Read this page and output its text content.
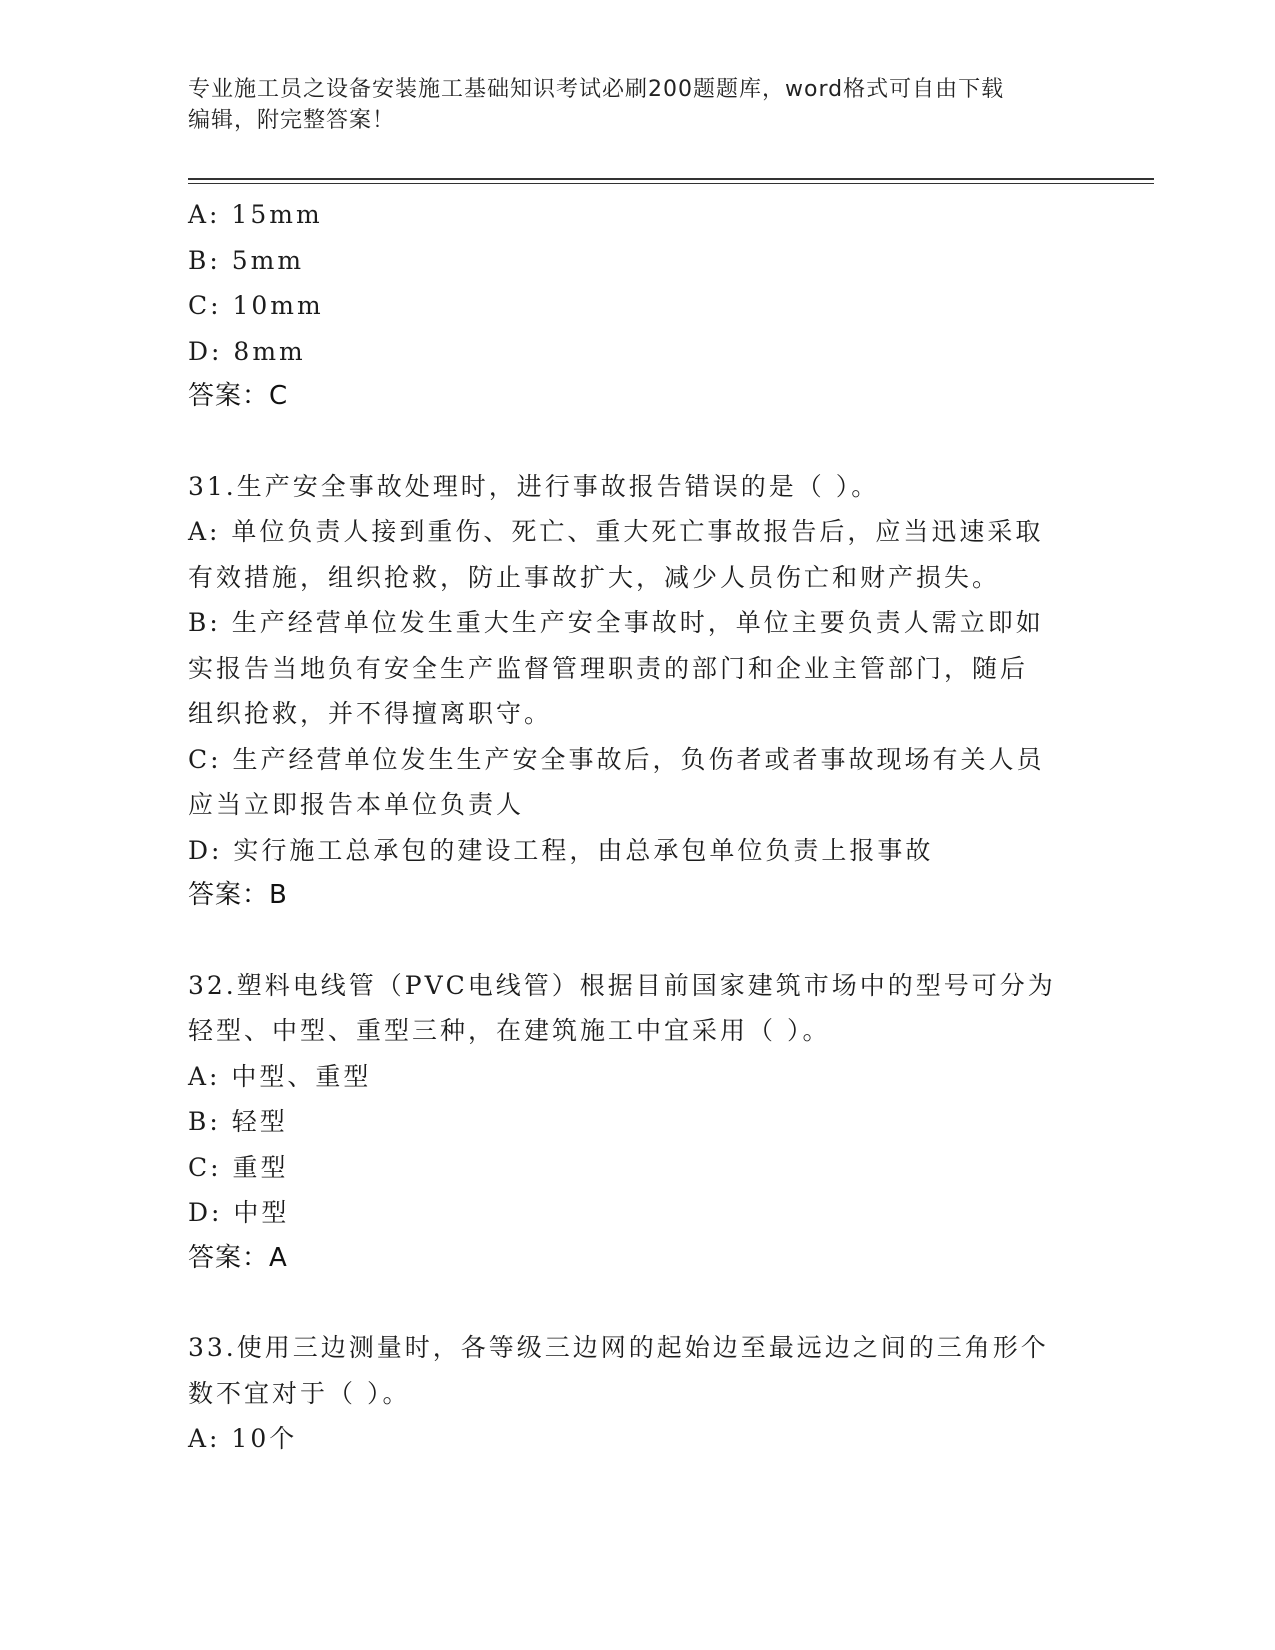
专业施工员之设备安装施工基础知识考试必刷200题题库，word格式可自由下载
编辑，附完整答案！
A: 15mm
B: 5mm
C: 10mm
D: 8mm
答案：C
31.生产安全事故处理时，进行事故报告错误的是（ ）。
A: 单位负责人接到重伤、死亡、重大死亡事故报告后，应当迅速采取
有效措施，组织抢救，防止事故扩大，减少人员伤亡和财产损失。
B: 生产经营单位发生重大生产安全事故时，单位主要负责人需立即如
实报告当地负有安全生产监督管理职责的部门和企业主管部门，随后
组织抢救，并不得擅离职守。
C: 生产经营单位发生生产安全事故后，负伤者或者事故现场有关人员
应当立即报告本单位负责人
D: 实行施工总承包的建设工程，由总承包单位负责上报事故
答案：B
32.塑料电线管（PVC电线管）根据目前国家建筑市场中的型号可分为
轻型、中型、重型三种，在建筑施工中宜采用（ ）。
A: 中型、重型
B: 轻型
C: 重型
D: 中型
答案：A
33.使用三边测量时，各等级三边网的起始边至最远边之间的三角形个
数不宜对于（ ）。
A: 10个
